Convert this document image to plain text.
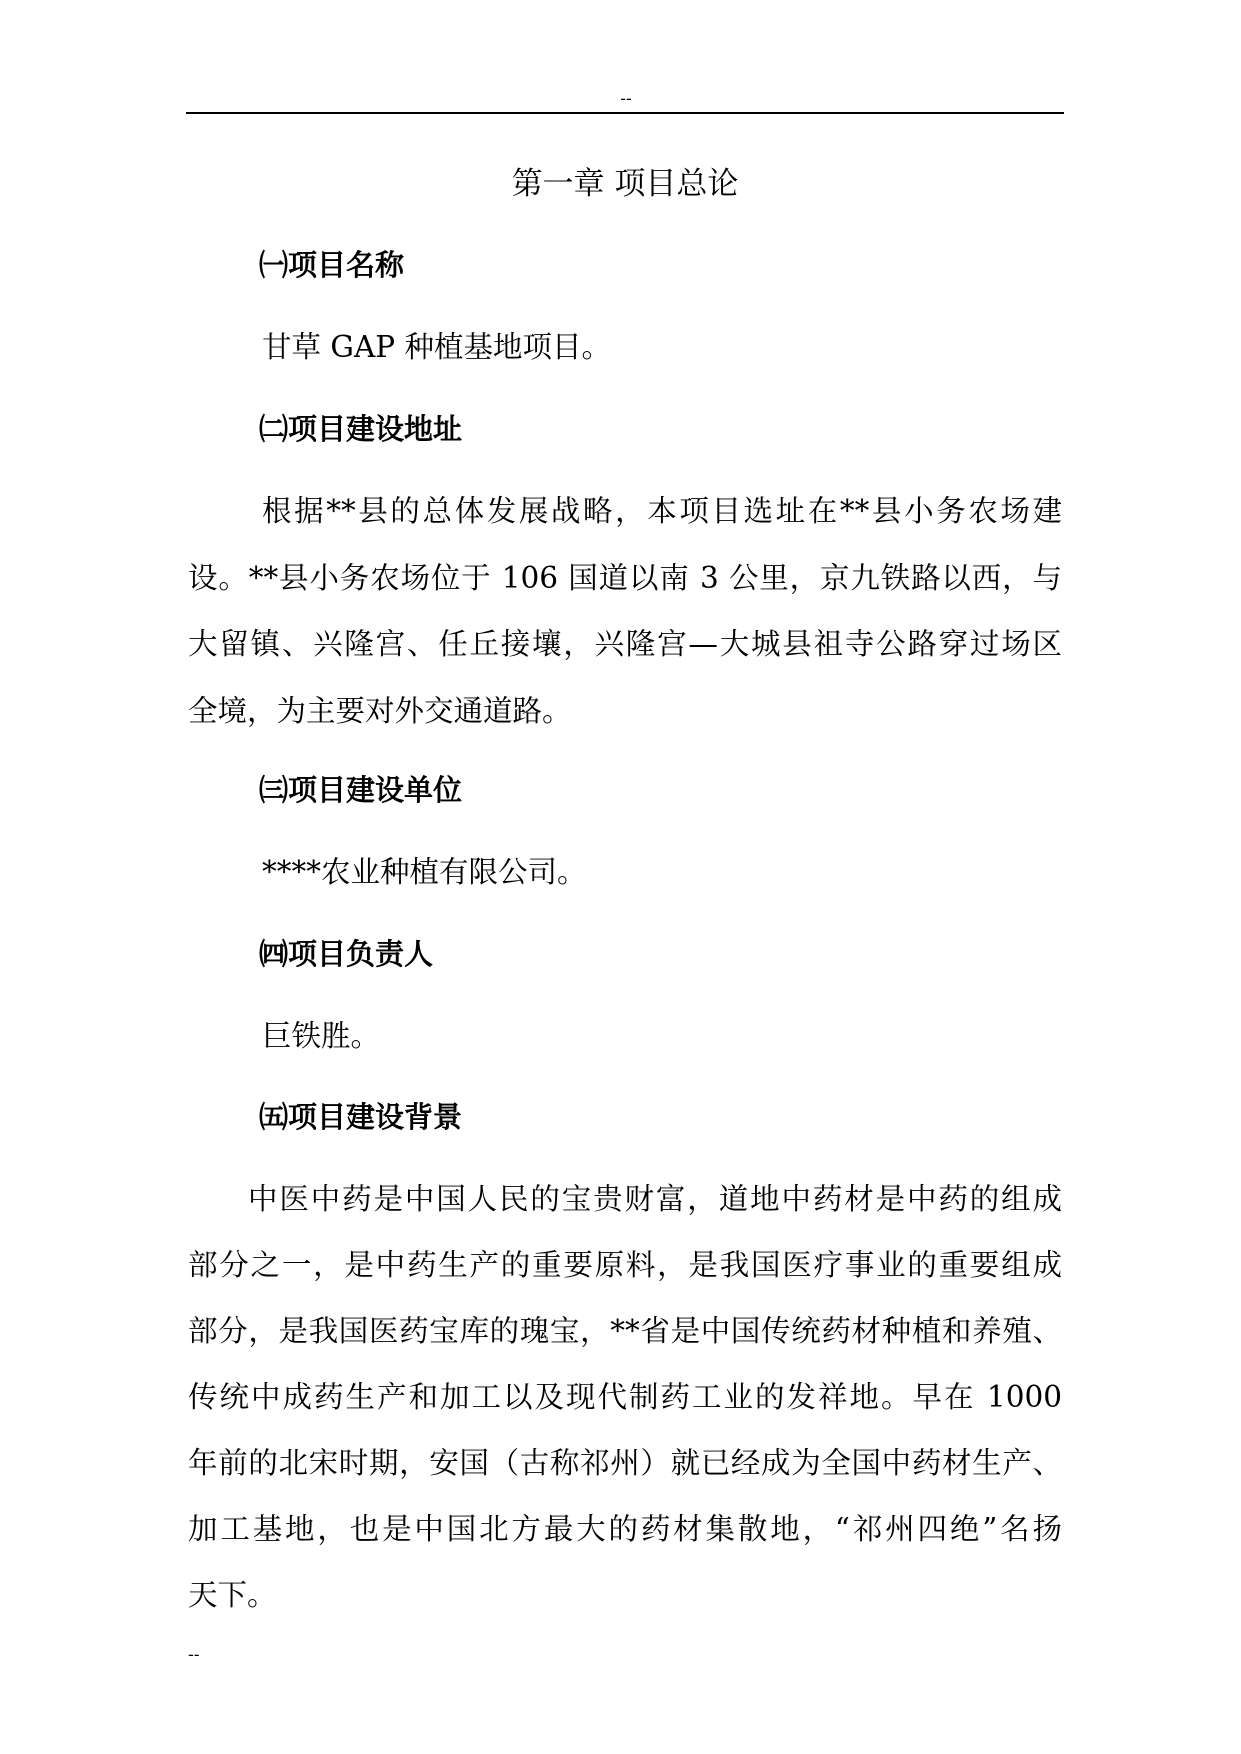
--
第一章 项目总论
㈠项目名称
甘草 GAP 种植基地项目。
㈡项目建设地址
根据**县的总体发展战略，本项目选址在**县小务农场建
设。**县小务农场位于 106 国道以南 3 公里，京九铁路以西，与
大留镇、兴隆宫、任丘接壤，兴隆宫—大城县祖寺公路穿过场区
全境，为主要对外交通道路。
㈢项目建设单位
****农业种植有限公司。
㈣项目负责人
巨铁胜。
㈤项目建设背景
中医中药是中国人民的宝贵财富，道地中药材是中药的组成
部分之一，是中药生产的重要原料，是我国医疗事业的重要组成
部分，是我国医药宝库的瑰宝，**省是中国传统药材种植和养殖、
传统中成药生产和加工以及现代制药工业的发祥地。早在 1000
年前的北宋时期，安国（古称祁州）就已经成为全国中药材生产、
加工基地，也是中国北方最大的药材集散地，“祁州四绝”名扬
天下。
--
